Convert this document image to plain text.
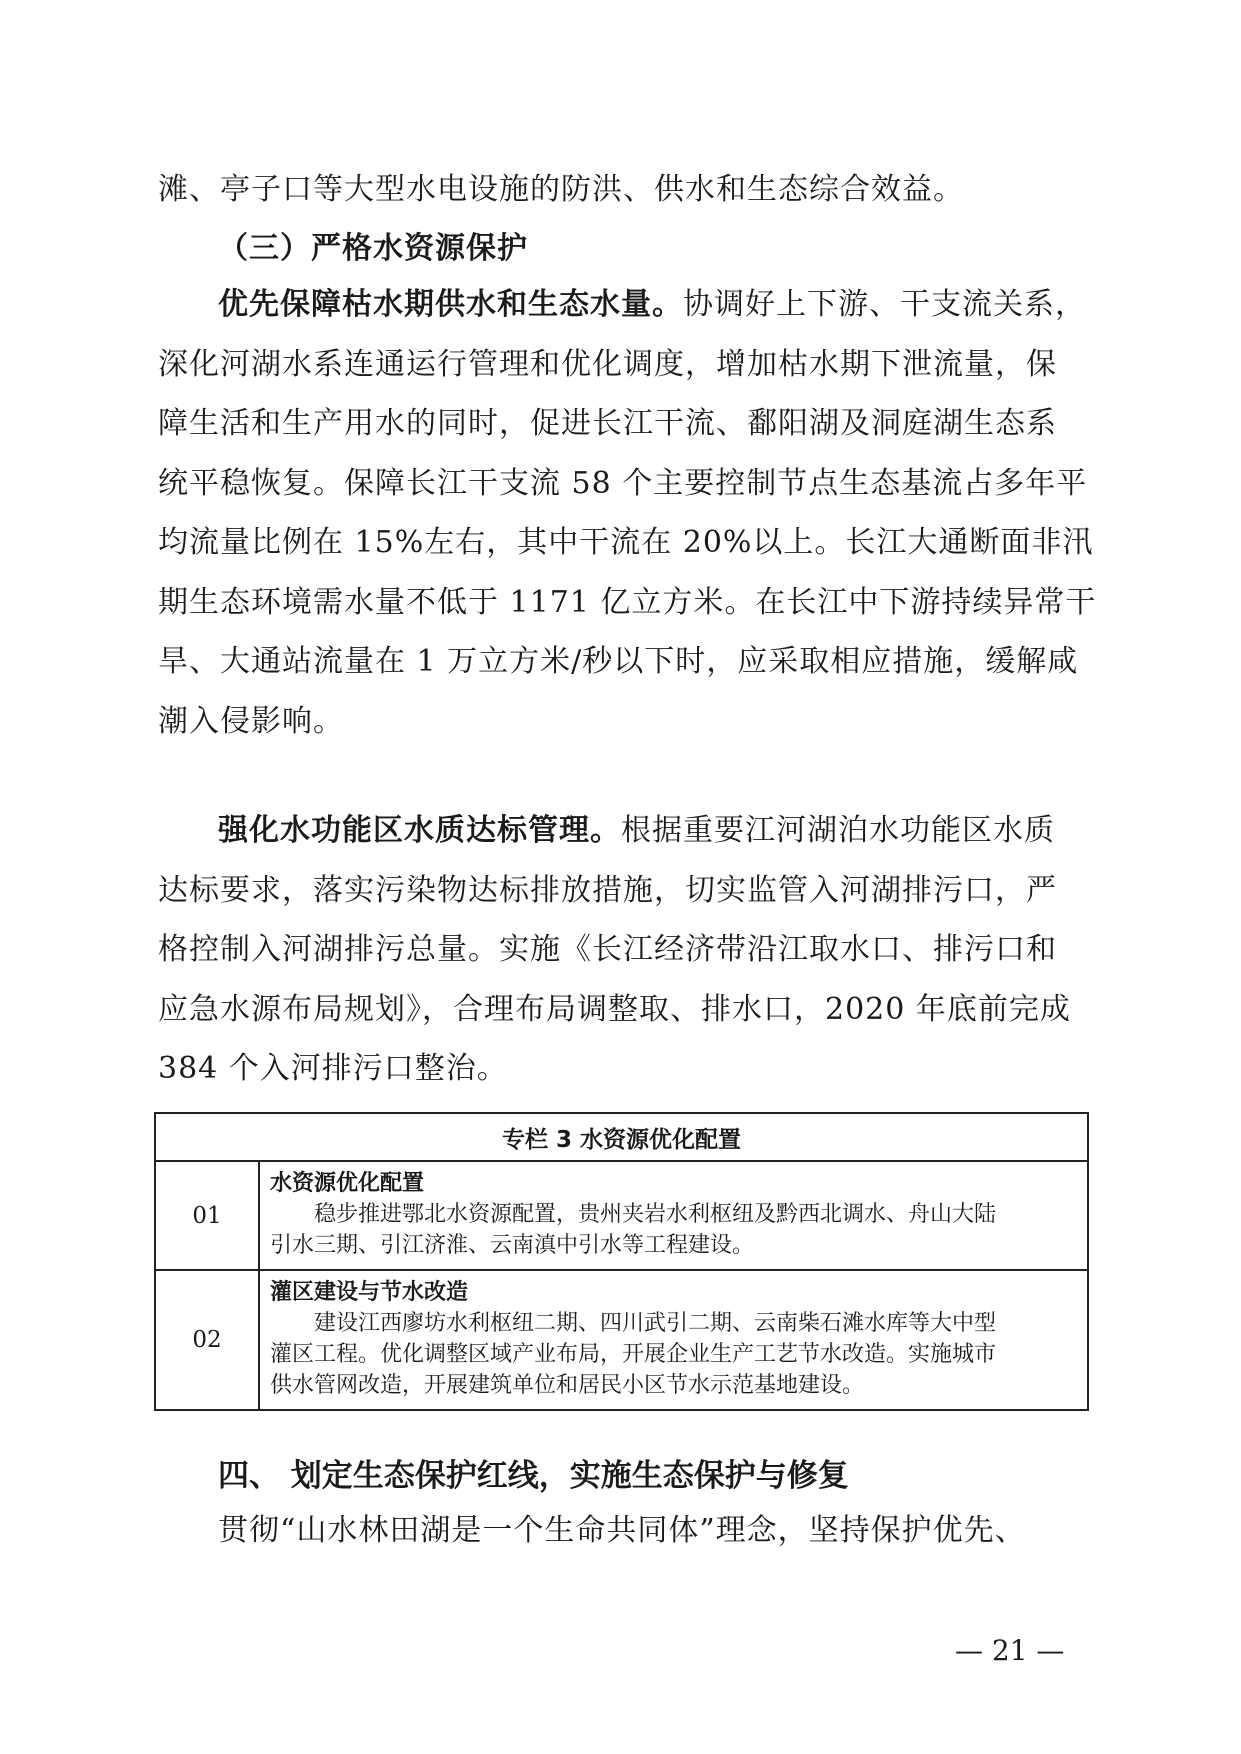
滩、亭子口等大型水电设施的防洪、供水和生态综合效益。

（三）严格水资源保护

优先保障枯水期供水和生态水量。协调好上下游、干支流关系，
深化河湖水系连通运行管理和优化调度，增加枯水期下泄流量，保
障生活和生产用水的同时，促进长江干流、鄱阳湖及洞庭湖生态系
统平稳恢复。保障长江干支流 58 个主要控制节点生态基流占多年平
均流量比例在 15%左右，其中干流在 20%以上。长江大通断面非汛
期生态环境需水量不低于 1171 亿立方米。在长江中下游持续异常干
旱、大通站流量在 1 万立方米/秒以下时，应采取相应措施，缓解咸
潮入侵影响。

强化水功能区水质达标管理。根据重要江河湖泊水功能区水质
达标要求，落实污染物达标排放措施，切实监管入河湖排污口，严
格控制入河湖排污总量。实施《长江经济带沿江取水口、排污口和
应急水源布局规划》，合理布局调整取、排水口，2020 年底前完成
384 个入河排污口整治。

专栏 3 水资源优化配置	
01	水资源优化配置
稳步推进鄂北水资源配置，贵州夹岩水利枢纽及黔西北调水、舟山大陆
引水三期、引江济淮、云南滇中引水等工程建设。

02	灌区建设与节水改造
建设江西廖坊水利枢纽二期、四川武引二期、云南柴石滩水库等大中型
灌区工程。优化调整区域产业布局，开展企业生产工艺节水改造。实施城市
供水管网改造，开展建筑单位和居民小区节水示范基地建设。
四、 划定生态保护红线，实施生态保护与修复

贯彻“山水林田湖是一个生命共同体”理念，坚持保护优先、

— 21 —
